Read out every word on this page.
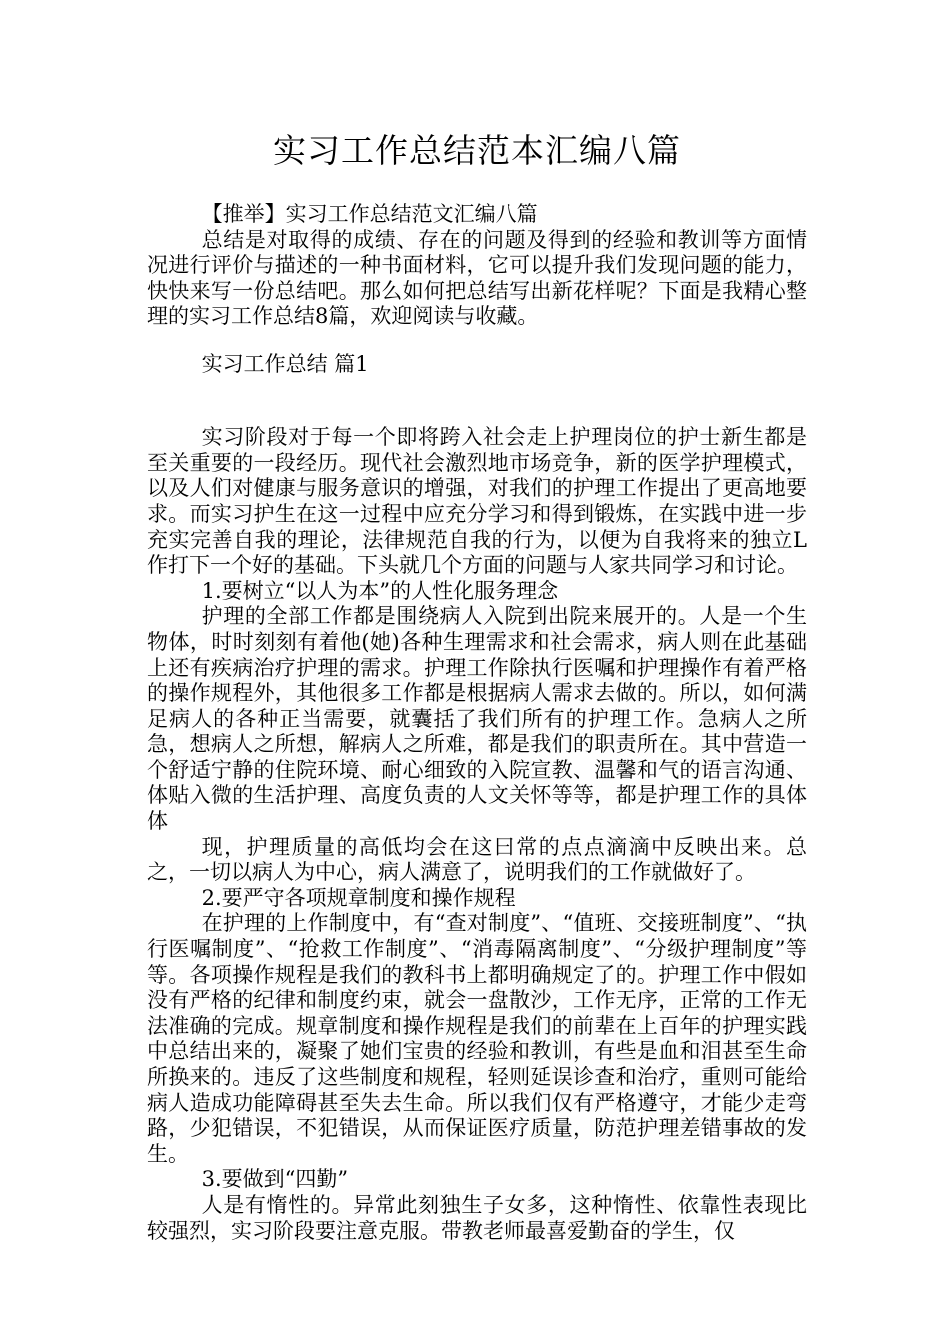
实习工作总结范本汇编八篇

【推举】实习工作总结范文汇编八篇

总结是对取得的成绩、存在的问题及得到的经验和教训等方面情况进行评价与描述的一种书面材料，它可以提升我们发现问题的能力，快快来写一份总结吧。那么如何把总结写出新花样呢？下面是我精心整理的实习工作总结8篇，欢迎阅读与收藏。

实习工作总结 篇1

实习阶段对于每一个即将跨入社会走上护理岗位的护士新生都是至关重要的一段经历。现代社会激烈地市场竞争，新的医学护理模式，以及人们对健康与服务意识的增强，对我们的护理工作提出了更高地要求。而实习护生在这一过程中应充分学习和得到锻炼，在实践中进一步充实完善自我的理论，法律规范自我的行为，以便为自我将来的独立L作打下一个好的基础。下头就几个方面的问题与人家共同学习和讨论。

1.要树立“以人为本”的人性化服务理念

护理的全部工作都是围绕病人入院到出院来展开的。人是一个生物体，时时刻刻有着他(她)各种生理需求和社会需求，病人则在此基础上还有疾病治疗护理的需求。护理工作除执行医嘱和护理操作有着严格的操作规程外，其他很多工作都是根据病人需求去做的。所以，如何满足病人的各种正当需要，就囊括了我们所有的护理工作。急病人之所急，想病人之所想，解病人之所难，都是我们的职责所在。其中营造一个舒适宁静的住院环境、耐心细致的入院宣教、温馨和气的语言沟通、体贴入微的生活护理、高度负责的人文关怀等等，都是护理工作的具体体

现，护理质量的高低均会在这曰常的点点滴滴中反映出来。总之，一切以病人为中心，病人满意了，说明我们的工作就做好了。

2.要严守各项规章制度和操作规程

在护理的上作制度中，有“查对制度”、“值班、交接班制度”、“执行医嘱制度”、“抢救工作制度”、“消毒隔离制度”、“分级护理制度”等等。各项操作规程是我们的教科书上都明确规定了的。护理工作中假如没有严格的纪律和制度约束，就会一盘散沙，工作无序，正常的工作无法准确的完成。规章制度和操作规程是我们的前辈在上百年的护理实践中总结出来的，凝聚了她们宝贵的经验和教训，有些是血和泪甚至生命所换来的。违反了这些制度和规程，轻则延误诊查和治疗，重则可能给病人造成功能障碍甚至失去生命。所以我们仅有严格遵守，才能少走弯路，少犯错误，不犯错误，从而保证医疗质量，防范护理差错事故的发生。

3.要做到“四勤”

人是有惰性的。异常此刻独生子女多，这种惰性、依靠性表现比较强烈，实习阶段要注意克服。带教老师最喜爱勤奋的学生，仅
